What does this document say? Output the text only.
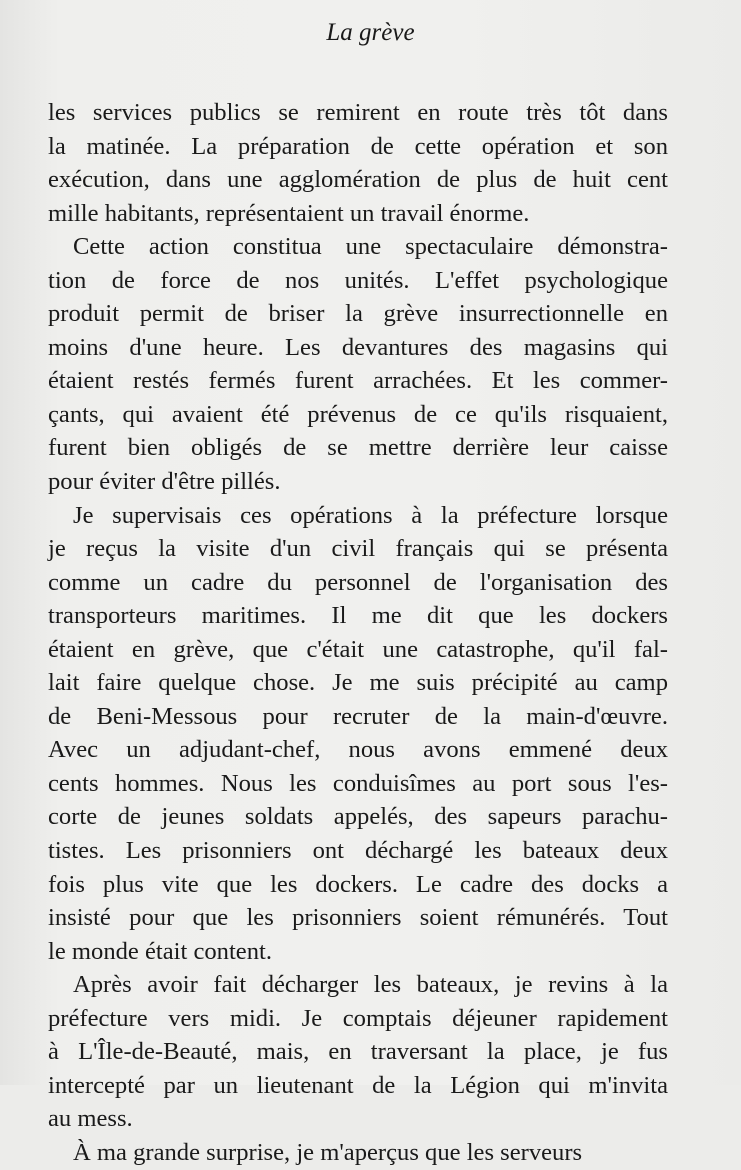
La grève
les services publics se remirent en route très tôt dans
la matinée. La préparation de cette opération et son
exécution, dans une agglomération de plus de huit cent
mille habitants, représentaient un travail énorme.
Cette action constitua une spectaculaire démonstra-
tion de force de nos unités. L'effet psychologique
produit permit de briser la grève insurrectionnelle en
moins d'une heure. Les devantures des magasins qui
étaient restés fermés furent arrachées. Et les commer-
çants, qui avaient été prévenus de ce qu'ils risquaient,
furent bien obligés de se mettre derrière leur caisse
pour éviter d'être pillés.
Je supervisais ces opérations à la préfecture lorsque
je reçus la visite d'un civil français qui se présenta
comme un cadre du personnel de l'organisation des
transporteurs maritimes. Il me dit que les dockers
étaient en grève, que c'était une catastrophe, qu'il fal-
lait faire quelque chose. Je me suis précipité au camp
de Beni-Messous pour recruter de la main-d'œuvre.
Avec un adjudant-chef, nous avons emmené deux
cents hommes. Nous les conduisîmes au port sous l'es-
corte de jeunes soldats appelés, des sapeurs parachu-
tistes. Les prisonniers ont déchargé les bateaux deux
fois plus vite que les dockers. Le cadre des docks a
insisté pour que les prisonniers soient rémunérés. Tout
le monde était content.
Après avoir fait décharger les bateaux, je revins à la
préfecture vers midi. Je comptais déjeuner rapidement
à L'Île-de-Beauté, mais, en traversant la place, je fus
intercepté par un lieutenant de la Légion qui m'invita
au mess.
À ma grande surprise, je m'aperçus que les serveurs
